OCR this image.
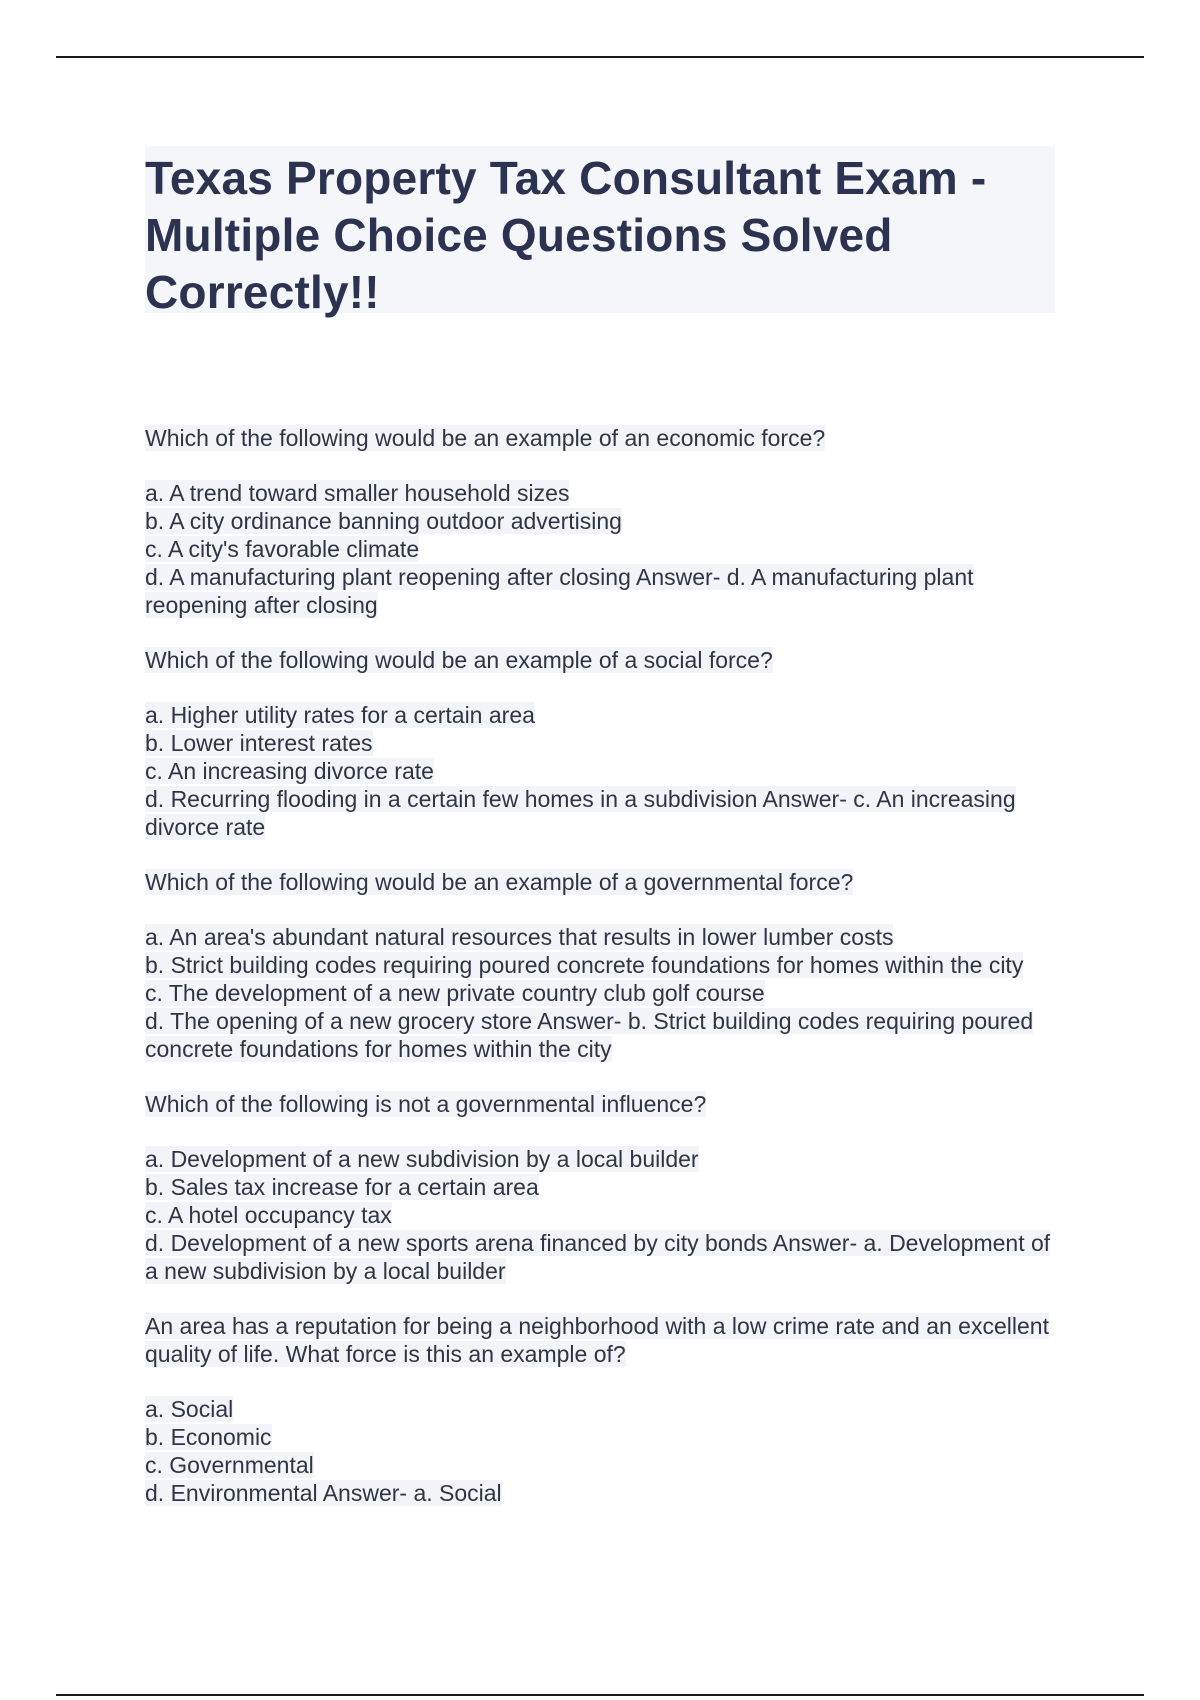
Texas Property Tax Consultant Exam - Multiple Choice Questions Solved Correctly!!
Which of the following would be an example of an economic force?
a. A trend toward smaller household sizes
b. A city ordinance banning outdoor advertising
c. A city's favorable climate
d. A manufacturing plant reopening after closing Answer- d. A manufacturing plant reopening after closing
Which of the following would be an example of a social force?
a. Higher utility rates for a certain area
b. Lower interest rates
c. An increasing divorce rate
d. Recurring flooding in a certain few homes in a subdivision Answer- c. An increasing divorce rate
Which of the following would be an example of a governmental force?
a. An area's abundant natural resources that results in lower lumber costs
b. Strict building codes requiring poured concrete foundations for homes within the city
c. The development of a new private country club golf course
d. The opening of a new grocery store Answer- b. Strict building codes requiring poured concrete foundations for homes within the city
Which of the following is not a governmental influence?
a. Development of a new subdivision by a local builder
b. Sales tax increase for a certain area
c. A hotel occupancy tax
d. Development of a new sports arena financed by city bonds Answer- a. Development of a new subdivision by a local builder
An area has a reputation for being a neighborhood with a low crime rate and an excellent quality of life. What force is this an example of?
a. Social
b. Economic
c. Governmental
d. Environmental Answer- a. Social
